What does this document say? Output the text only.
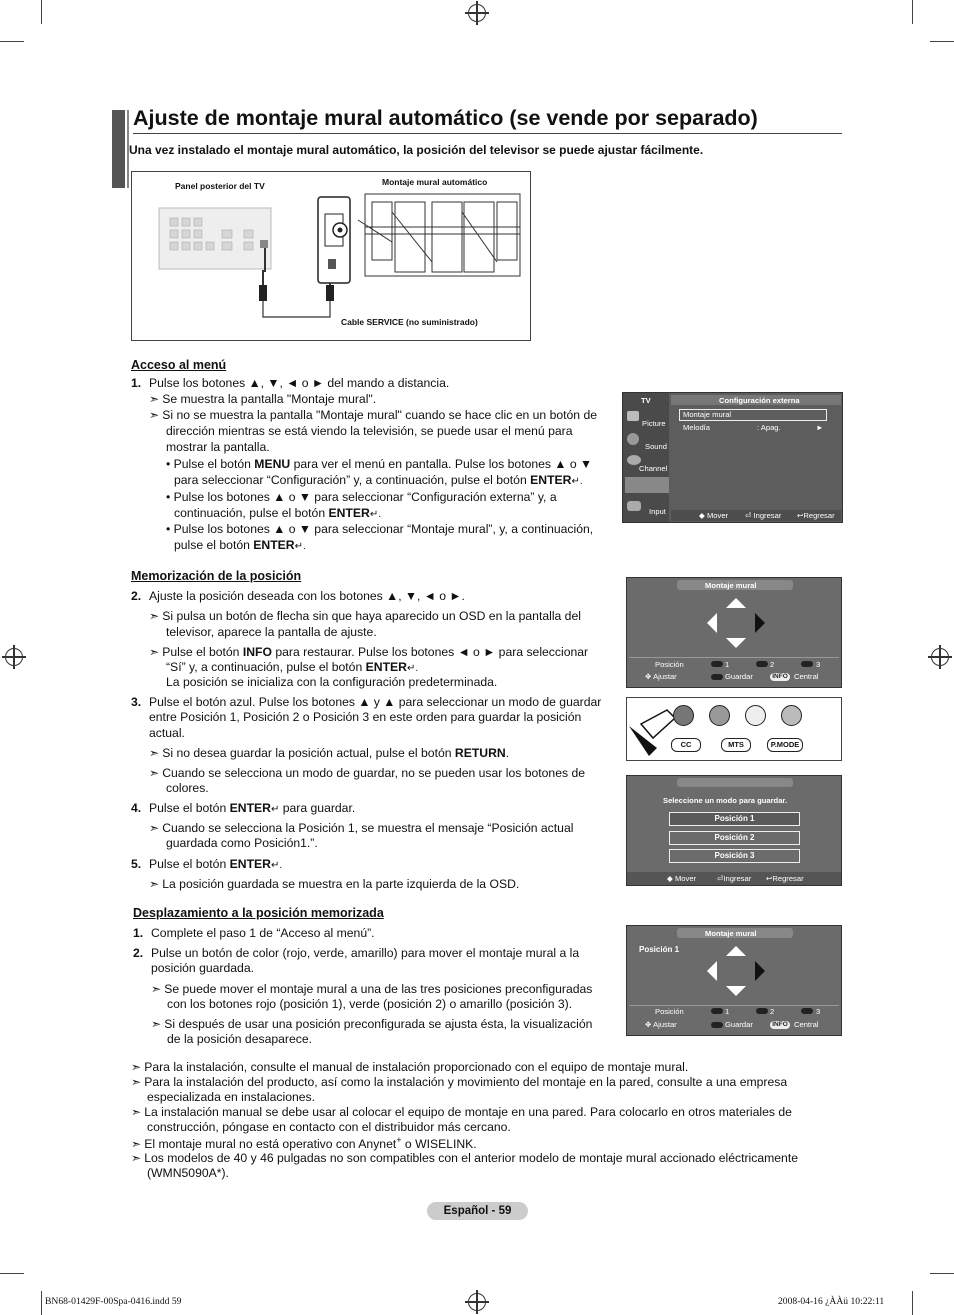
Ajuste de montaje mural automático (se vende por separado)
Una vez instalado el montaje mural automático, la posición del televisor se puede ajustar fácilmente.
Panel posterior del TV	Montaje mural automático
Cable SERVICE (no suministrado)
Acceso al menú
1. Pulse los botones ▲, ▼, ◄ o ► del mando a distancia.
➣ Se muestra la pantalla "Montaje mural".
➣ Si no se muestra la pantalla "Montaje mural" cuando se hace clic en un botón de
dirección mientras se está viendo la televisión, se puede usar el menú para
mostrar la pantalla.
• Pulse el botón MENU para ver el menú en pantalla. Pulse los botones ▲ o ▼
para seleccionar “Configuración” y, a continuación, pulse el botón ENTER↵.
• Pulse los botones ▲ o ▼ para seleccionar “Configuración externa” y, a
continuación, pulse el botón ENTER↵.
• Pulse los botones ▲ o ▼ para seleccionar “Montaje mural”, y, a continuación,
pulse el botón ENTER↵.
TV	Configuración externa
Montaje mural
Melodía	: Apag.	►
Picture
Sound
Channel
Input	◆ Mover ⏎ Ingresar ↩Regresar
Memorización de la posición
2. Ajuste la posición deseada con los botones ▲, ▼, ◄ o ►.
➣ Si pulsa un botón de flecha sin que haya aparecido un OSD en la pantalla del
televisor, aparece la pantalla de ajuste.
➣ Pulse el botón INFO para restaurar. Pulse los botones ◄ o ► para seleccionar
“Sí” y, a continuación, pulse el botón ENTER↵.
La posición se inicializa con la configuración predeterminada.
3. Pulse el botón azul. Pulse los botones ▲ y ▲ para seleccionar un modo de guardar
entre Posición 1, Posición 2 o Posición 3 en este orden para guardar la posición
actual.
➣ Si no desea guardar la posición actual, pulse el botón RETURN.
➣ Cuando se selecciona un modo de guardar, no se pueden usar los botones de
colores.
4. Pulse el botón ENTER↵ para guardar.
➣ Cuando se selecciona la Posición 1, se muestra el mensaje “Posición actual
guardada como Posición1.”.
5. Pulse el botón ENTER↵.
➣ La posición guardada se muestra en la parte izquierda de la OSD.
Montaje mural
Posición	1	2	3
✥ Ajustar	Guardar	INFO Central
CC	MTS	P.MODE
Seleccione un modo para guardar.
Posición 1
Posición 2
Posición 3
◆ Mover	⏎Ingresar ↩Regresar
Desplazamiento a la posición memorizada
1. Complete el paso 1 de “Acceso al menú”.
2. Pulse un botón de color (rojo, verde, amarillo) para mover el montaje mural a la
posición guardada.
➣ Se puede mover el montaje mural a una de las tres posiciones preconfiguradas
con los botones rojo (posición 1), verde (posición 2) o amarillo (posición 3).
➣ Si después de usar una posición preconfigurada se ajusta ésta, la visualización
de la posición desaparece.
Montaje mural
Posición 1
Posición	1	2	3
✥ Ajustar	Guardar	INFO Central
➣ Para la instalación, consulte el manual de instalación proporcionado con el equipo de montaje mural.
➣ Para la instalación del producto, así como la instalación y movimiento del montaje en la pared, consulte a una empresa
especializada en instalaciones.
➣ La instalación manual se debe usar al colocar el equipo de montaje en una pared. Para colocarlo en otros materiales de
construcción, póngase en contacto con el distribuidor más cercano.
➣ El montaje mural no está operativo con Anynet+ o WISELINK.
➣ Los modelos de 40 y 46 pulgadas no son compatibles con el anterior modelo de montaje mural accionado eléctricamente
(WMN5090A*).
Español - 59
BN68-01429F-00Spa-0416.indd 59	2008-04-16 ¿ÀÀü 10:22:11
